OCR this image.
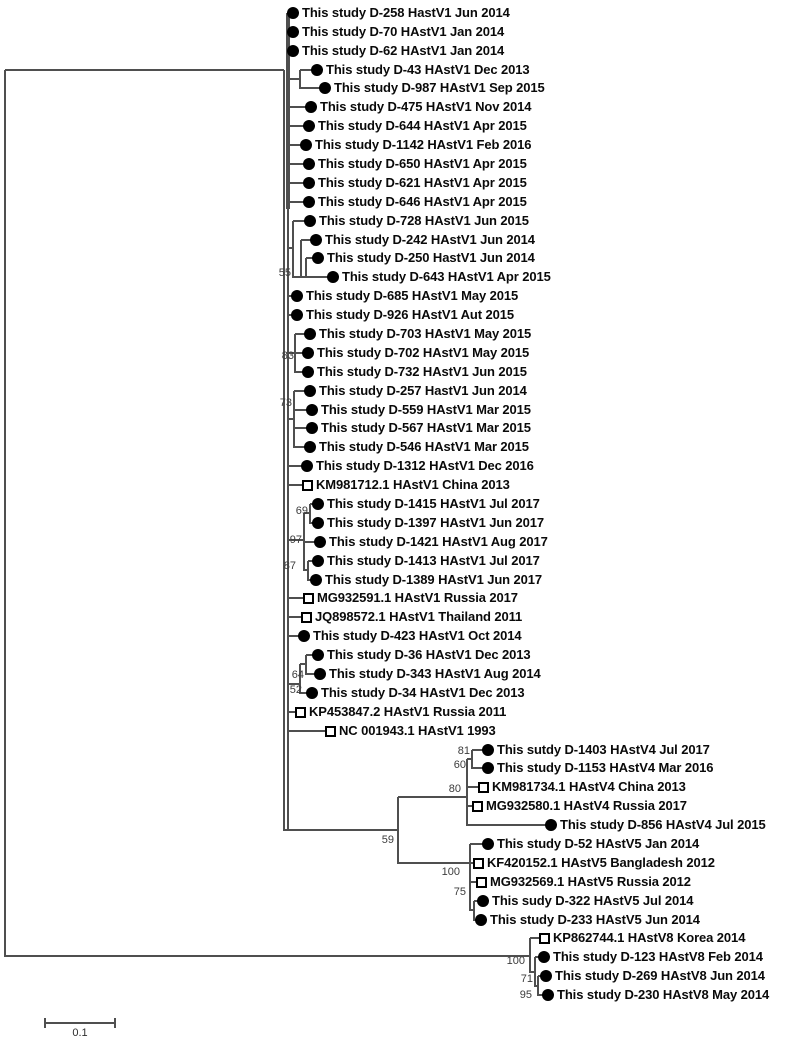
This study D-258 HastV1 Jun 2014
This study D-70 HAstV1 Jan 2014
This study D-62 HAstV1 Jan 2014
This study D-43 HAstV1 Dec 2013
This study D-987 HAstV1 Sep 2015
This study D-475 HAstV1 Nov 2014
This study D-644 HAstV1 Apr 2015
This study D-1142 HAstV1 Feb 2016
This study D-650 HAstV1 Apr 2015
This study D-621 HAstV1 Apr 2015
This study D-646 HAstV1 Apr 2015
This study D-728 HAstV1 Jun 2015
This study D-242 HAstV1 Jun 2014
This study D-250 HastV1 Jun 2014
This study D-643 HAstV1 Apr 2015
This study D-685 HAstV1 May 2015
This study D-926 HAstV1 Aut 2015
This study D-703 HAstV1 May 2015
This study D-702 HAstV1 May 2015
This study D-732 HAstV1 Jun 2015
This study D-257 HastV1 Jun 2014
This study D-559 HAstV1 Mar 2015
This study D-567 HAstV1 Mar 2015
This study D-546 HAstV1 Mar 2015
This study D-1312 HAstV1 Dec 2016
KM981712.1 HAstV1 China 2013
This study D-1415 HAstV1 Jul 2017
This study D-1397 HAstV1 Jun 2017
This study D-1421 HAstV1 Aug 2017
This study D-1413 HAstV1 Jul 2017
This study D-1389 HAstV1 Jun 2017
MG932591.1 HAstV1 Russia 2017
JQ898572.1 HAstV1 Thailand 2011
This study D-423 HAstV1 Oct 2014
This study D-36 HAstV1 Dec 2013
This study D-343 HAstV1 Aug 2014
This study D-34 HAstV1 Dec 2013
KP453847.2 HAstV1 Russia 2011
NC 001943.1 HAstV1 1993
This sutdy D-1403 HAstV4 Jul 2017
This study D-1153 HAstV4 Mar 2016
KM981734.1 HAstV4 China 2013
MG932580.1 HAstV4 Russia 2017
This study D-856 HAstV4 Jul 2015
This study D-52 HAstV5 Jan 2014
KF420152.1 HAstV5 Bangladesh 2012
MG932569.1 HAstV5 Russia 2012
This sudy D-322 HAstV5 Jul 2014
This study D-233 HAstV5 Jun 2014
KP862744.1 HAstV8 Korea 2014
This study D-123 HAstV8 Feb 2014
This study D-269 HAstV8 Jun 2014
This study D-230 HAstV8 May 2014
55
83
73
69
97
87
64
52
81
60
80
59
100
75
100
71
95
0.1
